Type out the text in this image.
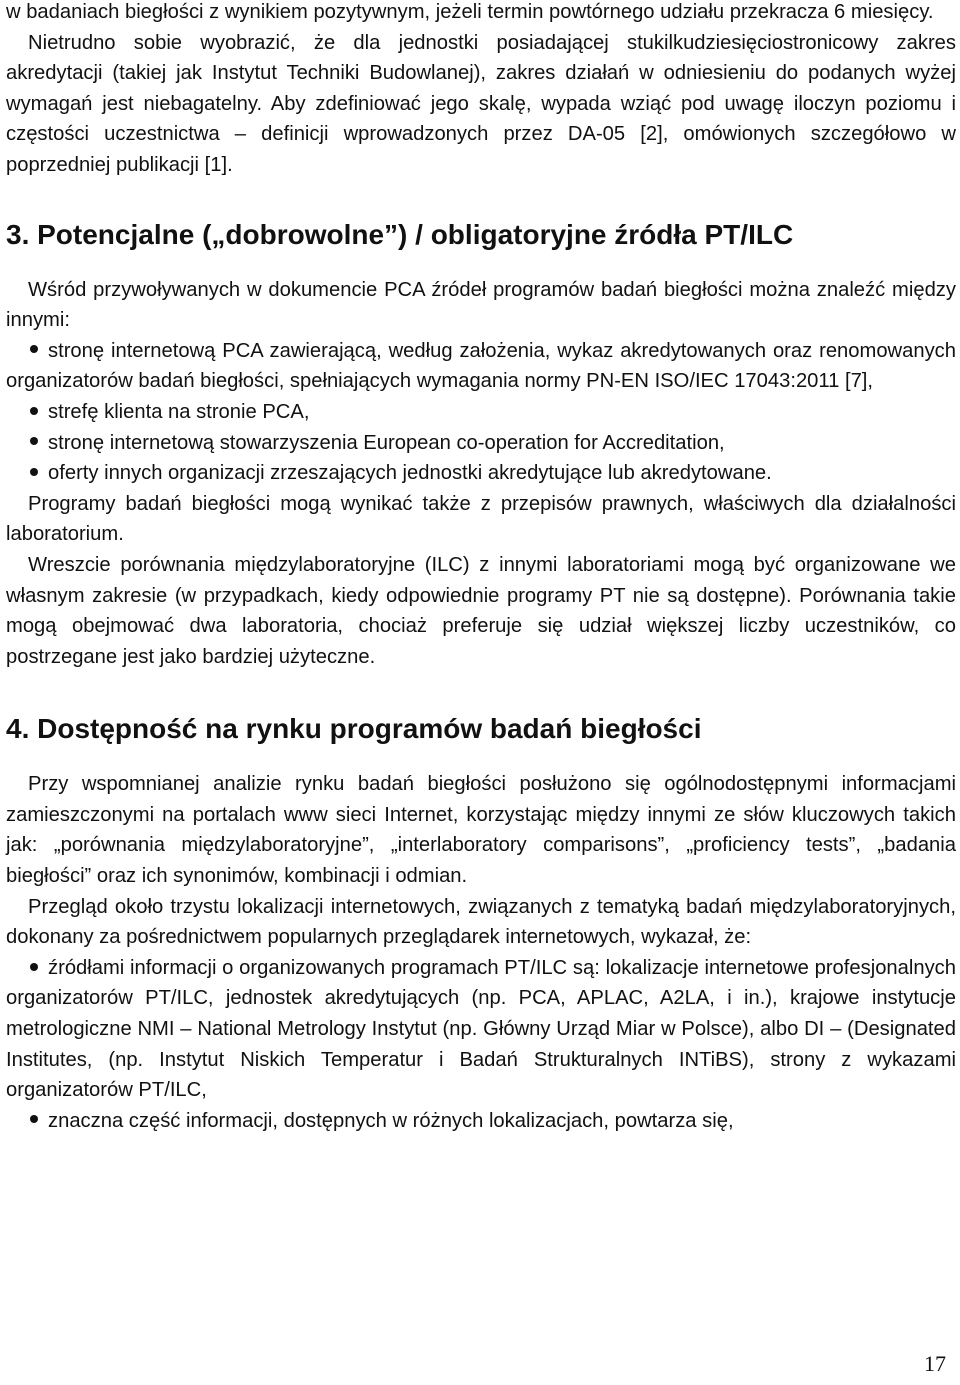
w badaniach biegłości z wynikiem pozytywnym, jeżeli termin powtórnego udziału przekracza 6 miesięcy.

Nietrudno sobie wyobrazić, że dla jednostki posiadającej stukilkudziesięciostronicowy zakres akredytacji (takiej jak Instytut Techniki Budowlanej), zakres działań w odniesieniu do podanych wyżej wymagań jest niebagatelny. Aby zdefiniować jego skalę, wypada wziąć pod uwagę iloczyn poziomu i częstości uczestnictwa – definicji wprowadzonych przez DA-05 [2], omówionych szczegółowo w poprzedniej publikacji [1].

3. Potencjalne („dobrowolne”) / obligatoryjne źródła PT/ILC

Wśród przywoływanych w dokumencie PCA źródeł programów badań biegłości można znaleźć między innymi:

stronę internetową PCA zawierającą, według założenia, wykaz akredytowanych oraz renomowanych organizatorów badań biegłości, spełniających wymagania normy PN-EN ISO/IEC 17043:2011 [7],
strefę klienta na stronie PCA,
stronę internetową stowarzyszenia European co-operation for Accreditation,
oferty innych organizacji zrzeszających jednostki akredytujące lub akredytowane.

Programy badań biegłości mogą wynikać także z przepisów prawnych, właściwych dla działalności laboratorium.

Wreszcie porównania międzylaboratoryjne (ILC) z innymi laboratoriami mogą być organizowane we własnym zakresie (w przypadkach, kiedy odpowiednie programy PT nie są dostępne). Porównania takie mogą obejmować dwa laboratoria, chociaż preferuje się udział większej liczby uczestników, co postrzegane jest jako bardziej użyteczne.

4. Dostępność na rynku programów badań biegłości

Przy wspomnianej analizie rynku badań biegłości posłużono się ogólnodostępnymi informacjami zamieszczonymi na portalach www sieci Internet, korzystając między innymi ze słów kluczowych takich jak: „porównania międzylaboratoryjne”, „interlaboratory comparisons”, „proficiency tests”, „badania biegłości” oraz ich synonimów, kombinacji i odmian.

Przegląd około trzystu lokalizacji internetowych, związanych z tematyką badań międzylaboratoryjnych, dokonany za pośrednictwem popularnych przeglądarek internetowych, wykazał, że:

źródłami informacji o organizowanych programach PT/ILC są: lokalizacje internetowe profesjonalnych organizatorów PT/ILC, jednostek akredytujących (np. PCA, APLAC, A2LA, i in.), krajowe instytucje metrologiczne NMI – National Metrology Instytut (np. Główny Urząd Miar w Polsce), albo DI – (Designated Institutes, (np. Instytut Niskich Temperatur i Badań Strukturalnych INTiBS), strony z wykazami organizatorów PT/ILC,
znaczna część informacji, dostępnych w różnych lokalizacjach, powtarza się,
17
